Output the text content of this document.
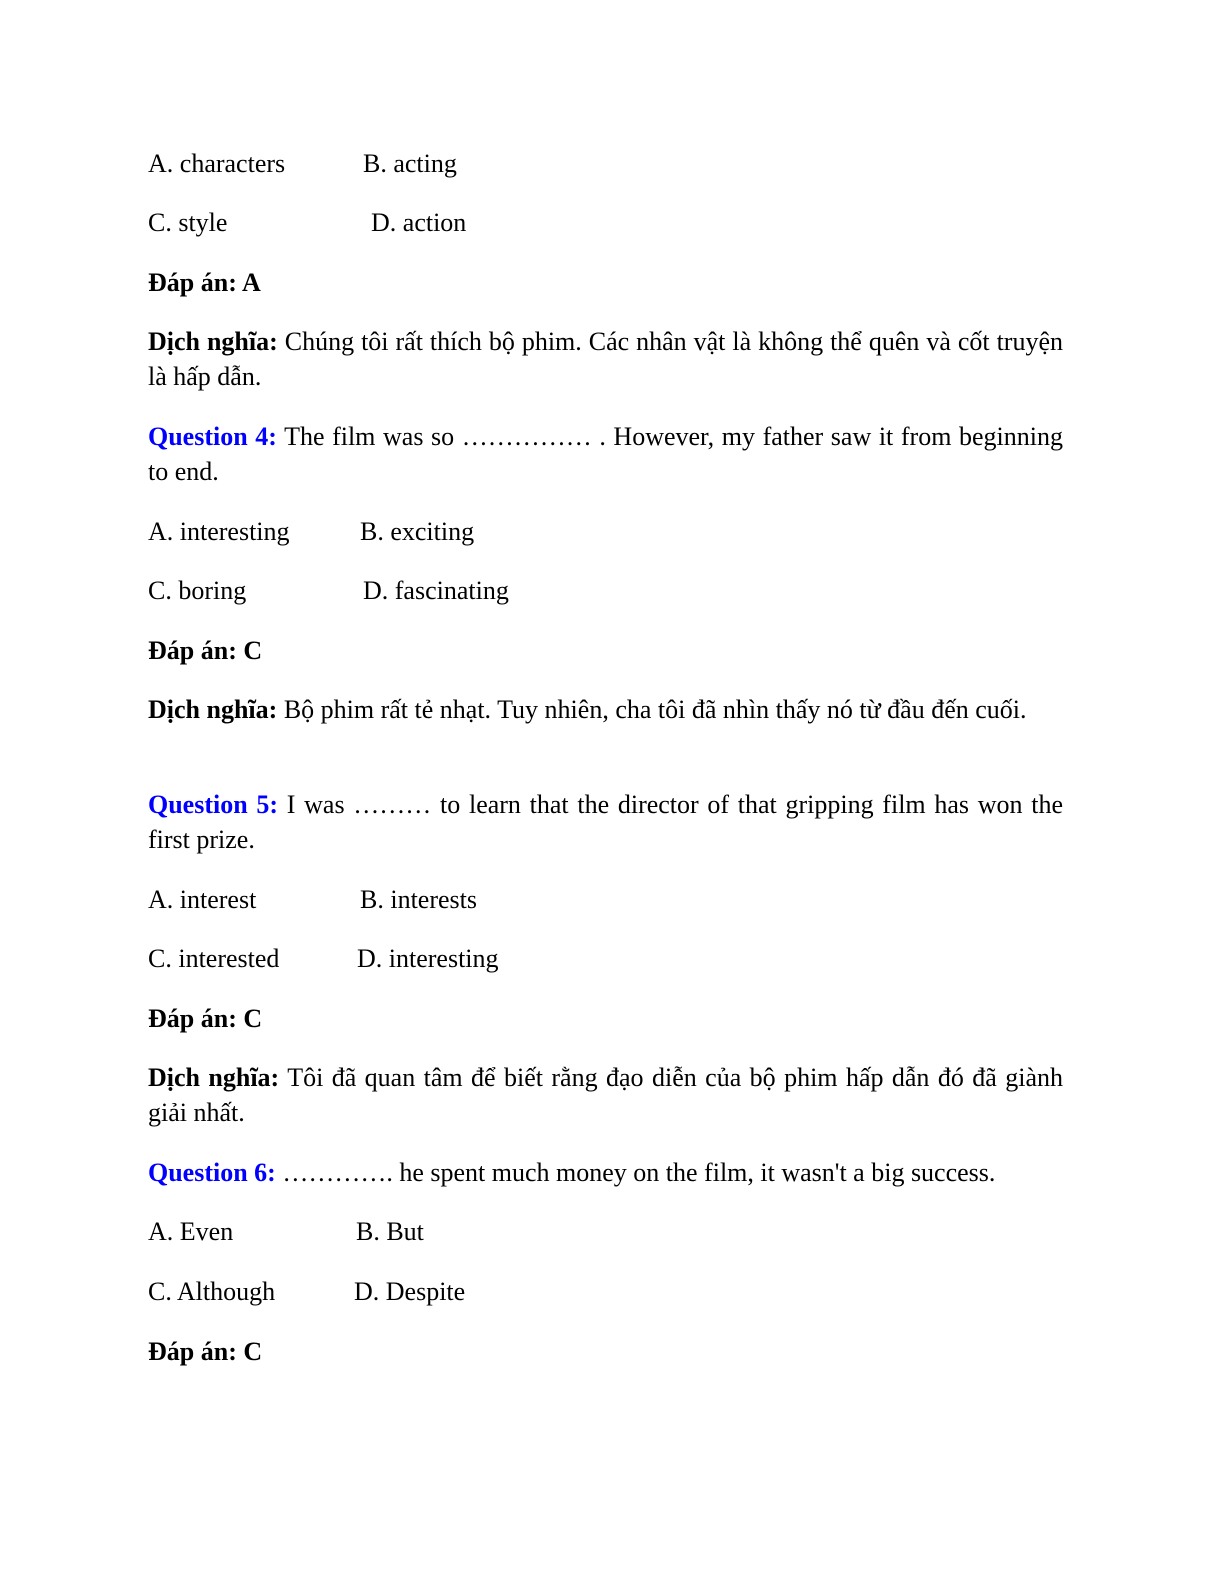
A. characters	B. acting
C. style	D. action
Đáp án: A
Dịch nghĩa: Chúng tôi rất thích bộ phim. Các nhân vật là không thể quên và cốt truyện là hấp dẫn.
Question 4: The film was so …………… . However, my father saw it from beginning to end.
A. interesting	B. exciting
C. boring	D. fascinating
Đáp án: C
Dịch nghĩa: Bộ phim rất tẻ nhạt. Tuy nhiên, cha tôi đã nhìn thấy nó từ đầu đến cuối.
Question 5: I was ……… to learn that the director of that gripping film has won the first prize.
A. interest	B. interests
C. interested	D. interesting
Đáp án: C
Dịch nghĩa: Tôi đã quan tâm để biết rằng đạo diễn của bộ phim hấp dẫn đó đã giành giải nhất.
Question 6: …………. he spent much money on the film, it wasn't a big success.
A. Even	B. But
C. Although	D. Despite
Đáp án: C
